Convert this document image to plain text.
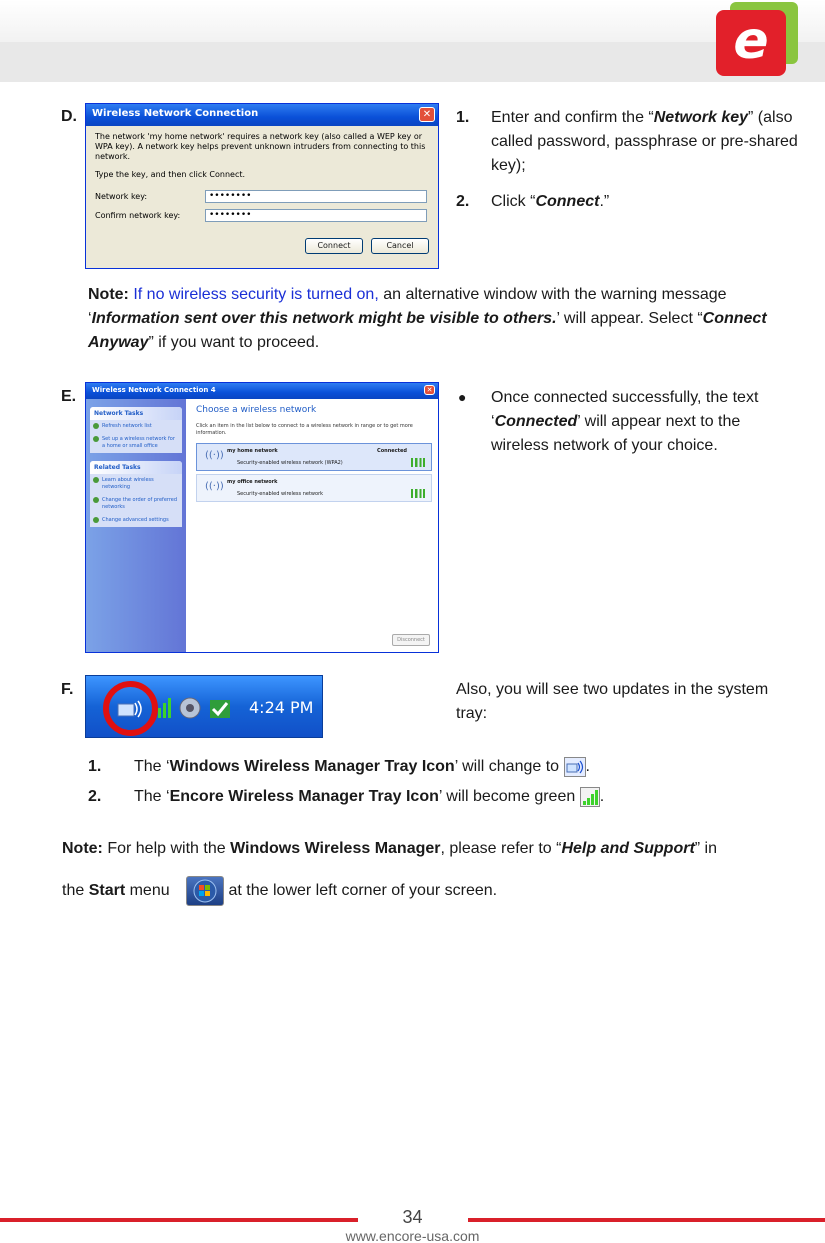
e
D.	Wireless Network Connection	✕
The network 'my home network' requires a network key (also called a WEP key or WPA key). A network key helps prevent unknown intruders from connecting to this network.
Type the key, and then click Connect.
Network key:	••••••••
Confirm network key:	••••••••
Connect	Cancel
1. Enter and confirm the “Network key” (also called password, passphrase or pre-shared key);
2. Click “Connect.”
Note: If no wireless security is turned on, an alternative window with the warning message ‘Information sent over this network might be visible to others.’ will appear. Select “Connect Anyway” if you want to proceed.
E.	Wireless Network Connection 4	✕
Network Tasks
Refresh network list
Set up a wireless network for a home or small office
Related Tasks
Learn about wireless networking
Change the order of preferred networks
Change advanced settings
Choose a wireless network
Click an item in the list below to connect to a wireless network in range or to get more information.
((·)) my home network	Connected
Security-enabled wireless network (WPA2)
((·)) my office network
Security-enabled wireless network
Disconnect
● Once connected successfully, the text ‘Connected’ will appear next to the wireless network of your choice.
F.
4:24 PM
Also, you will see two updates in the system tray:
1. The ‘Windows Wireless Manager Tray Icon’ will change to .
2. The ‘Encore Wireless Manager Tray Icon’ will become green .
Note: For help with the Windows Wireless Manager, please refer to “Help and Support” in
the Start menu	at the lower left corner of your screen.
34
www.encore-usa.com
